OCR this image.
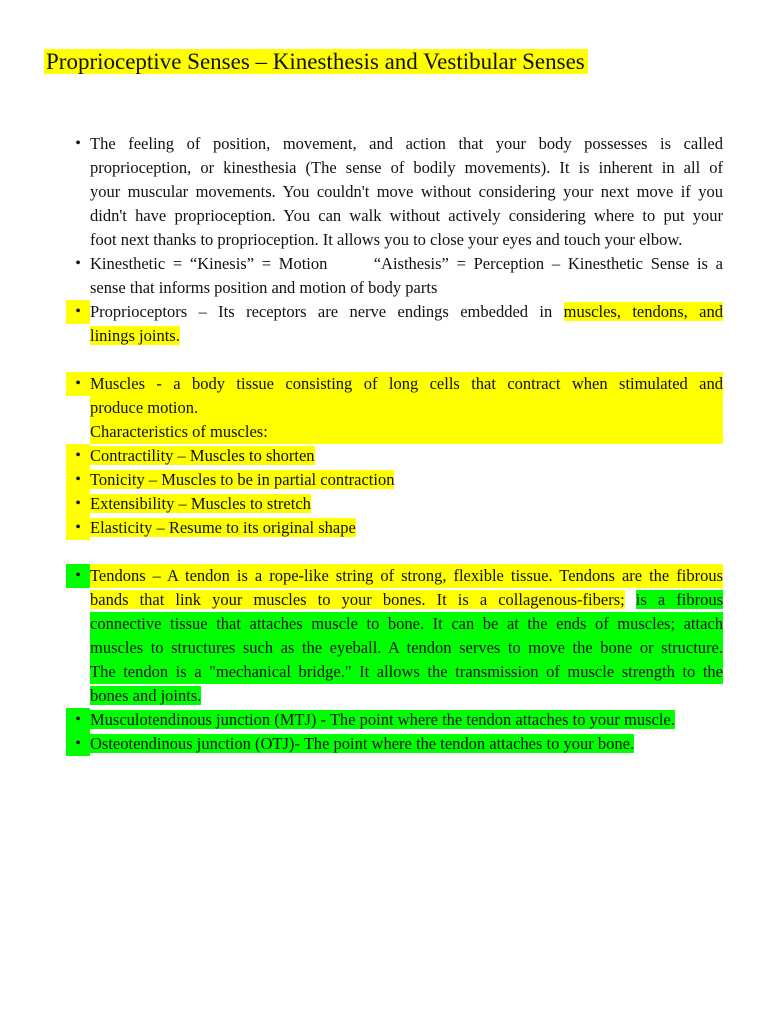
Proprioceptive Senses – Kinesthesis and Vestibular Senses
• The feeling of position, movement, and action that your body possesses is called
proprioception, or kinesthesia (The sense of bodily movements). It is inherent in all of
your muscular movements. You couldn't move without considering your next move if you
didn't have proprioception. You can walk without actively considering where to put your
foot next thanks to proprioception. It allows you to close your eyes and touch your elbow.
• Kinesthetic = “Kinesis” = Motion      “Aisthesis” = Perception – Kinesthetic Sense is a
sense that informs position and motion of body parts
• Proprioceptors – Its receptors are nerve endings embedded in muscles, tendons, and
linings joints.
• Muscles - a body tissue consisting of long cells that contract when stimulated and
produce motion.
Characteristics of muscles:
• Contractility – Muscles to shorten
• Tonicity – Muscles to be in partial contraction
• Extensibility – Muscles to stretch
• Elasticity – Resume to its original shape
• Tendons – A tendon is a rope-like string of strong, flexible tissue. Tendons are the fibrous
bands that link your muscles to your bones. It is a collagenous-fibers; is a fibrous
connective tissue that attaches muscle to bone. It can be at the ends of muscles; attach
muscles to structures such as the eyeball. A tendon serves to move the bone or structure.
The tendon is a "mechanical bridge." It allows the transmission of muscle strength to the
bones and joints.
• Musculotendinous junction (MTJ) - The point where the tendon attaches to your muscle.
• Osteotendinous junction (OTJ)- The point where the tendon attaches to your bone.
